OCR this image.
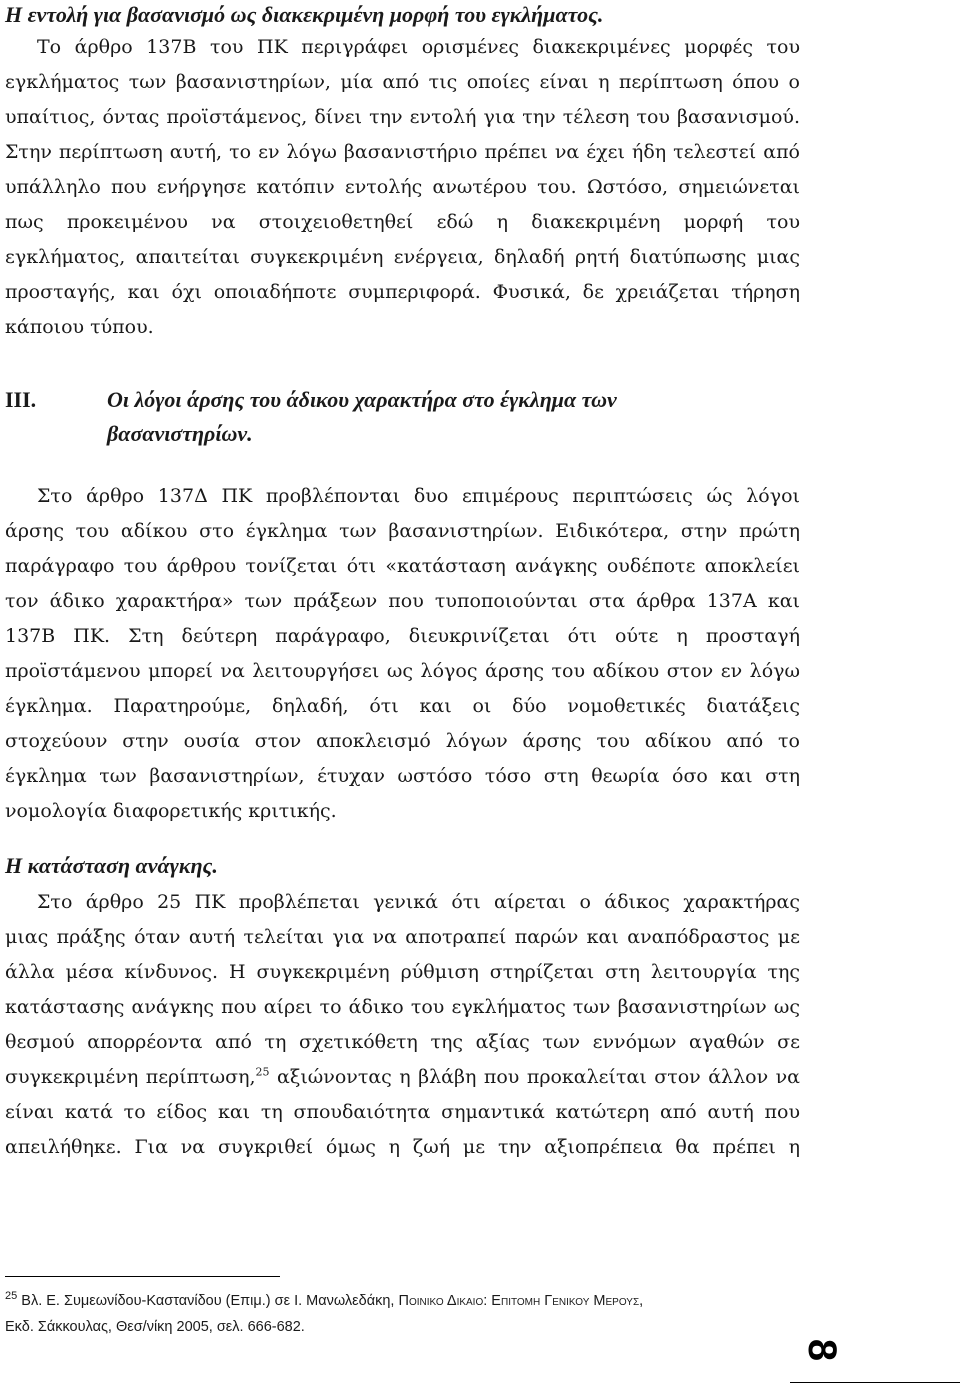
Η εντολή για βασανισμό ως διακεκριμένη μορφή του εγκλήματος.
Το άρθρο 137Β του ΠΚ περιγράφει ορισμένες διακεκριμένες μορφές του
εγκλήματος των βασανιστηρίων, μία από τις οποίες είναι η περίπτωση όπου ο
υπαίτιος, όντας προϊστάμενος, δίνει την εντολή για την τέλεση του βασανισμού.
Στην περίπτωση αυτή, το εν λόγω βασανιστήριο πρέπει να έχει ήδη τελεστεί από
υπάλληλο που ενήργησε κατόπιν εντολής ανωτέρου του. Ωστόσο, σημειώνεται
πως προκειμένου να στοιχειοθετηθεί εδώ η διακεκριμένη μορφή του
εγκλήματος, απαιτείται συγκεκριμένη ενέργεια, δηλαδή ρητή διατύπωσης μιας
προσταγής, και όχι οποιαδήποτε συμπεριφορά. Φυσικά, δε χρειάζεται τήρηση
κάποιου τύπου.
ΙΙΙ.	Οι λόγοι άρσης του άδικου χαρακτήρα στο έγκλημα των
βασανιστηρίων.
Στο άρθρο 137Δ ΠΚ προβλέπονται δυο επιμέρους περιπτώσεις ώς λόγοι
άρσης του αδίκου στο έγκλημα των βασανιστηρίων. Ειδικότερα, στην πρώτη
παράγραφο του άρθρου τονίζεται ότι «κατάσταση ανάγκης ουδέποτε αποκλείει
τον άδικο χαρακτήρα» των πράξεων που τυποποιούνται στα άρθρα 137Α και
137Β ΠΚ. Στη δεύτερη παράγραφο, διευκρινίζεται ότι ούτε η προσταγή
προϊστάμενου μπορεί να λειτουργήσει ως λόγος άρσης του αδίκου στον εν λόγω
έγκλημα. Παρατηρούμε, δηλαδή, ότι και οι δύο νομοθετικές διατάξεις
στοχεύουν στην ουσία στον αποκλεισμό λόγων άρσης του αδίκου από το
έγκλημα των βασανιστηρίων, έτυχαν ωστόσο τόσο στη θεωρία όσο και στη
νομολογία διαφορετικής κριτικής.
Η κατάσταση ανάγκης.
Στο άρθρο 25 ΠΚ προβλέπεται γενικά ότι αίρεται ο άδικος χαρακτήρας
μιας πράξης όταν αυτή τελείται για να αποτραπεί παρών και αναπόδραστος με
άλλα μέσα κίνδυνος. Η συγκεκριμένη ρύθμιση στηρίζεται στη λειτουργία της
κατάστασης ανάγκης που αίρει το άδικο του εγκλήματος των βασανιστηρίων ως
θεσμού απορρέοντα από τη σχετικόθετη της αξίας των εννόμων αγαθών σε
συγκεκριμένη περίπτωση,$^{25}$ αξιώνοντας η βλάβη που προκαλείται στον άλλον να
είναι κατά το είδος και τη σπουδαιότητα σημαντικά κατώτερη από αυτή που
απειλήθηκε. Για να συγκριθεί όμως η ζωή με την αξιοπρέπεια θα πρέπει η
$^{25}$ Βλ. Ε. Συμεωνίδου-Καστανίδου (Επιμ.) σε Ι. Μανωλεδάκη, Ποινικο Δικαιο: Επιτομη Γενικου Μερους,
Εκδ. Σάκκουλας, Θεσ/νίκη 2005, σελ. 666-682.
8
